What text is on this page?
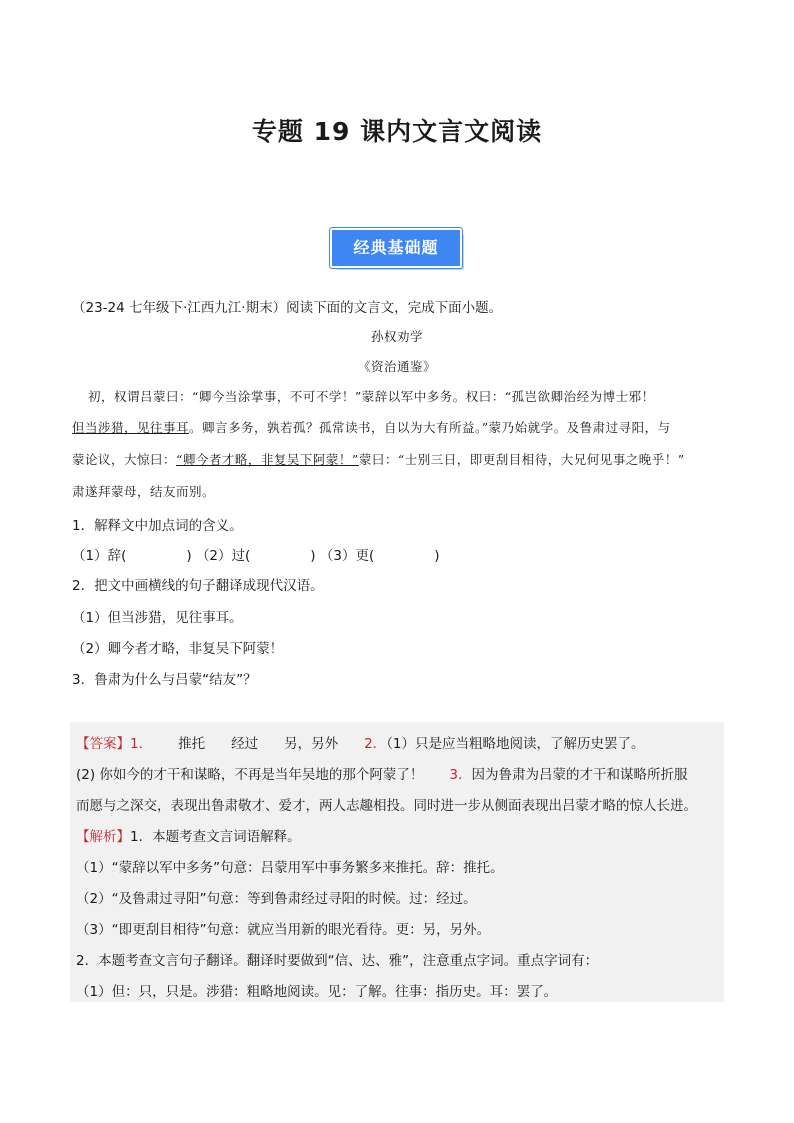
专题 19 课内文言文阅读
经典基础题
（23-24 七年级下·江西九江·期末）阅读下面的文言文，完成下面小题。
孙权劝学
《资治通鉴》
初，权谓吕蒙曰：“卿今当涂掌事，不可不学！”蒙辞以军中多务。权曰：“孤岂欲卿治经为博士邪！
但当涉猎，见往事耳。卿言多务，孰若孤？孤常读书，自以为大有所益。”蒙乃始就学。及鲁肃过寻阳，与
蒙论议，大惊曰：“卿今者才略，非复吴下阿蒙！”蒙曰：“士别三日，即更刮目相待，大兄何见事之晚乎！”
肃遂拜蒙母，结友而别。
1．解释文中加点词的含义。
（1）辞(	) （2）过(	) （3）更(	)
2．把文中画横线的句子翻译成现代汉语。
（1）但当涉猎，见往事耳。
（2）卿今者才略，非复吴下阿蒙！
3．鲁肃为什么与吕蒙“结友”？
【答案】1． 推托 经过 另，另外 2．（1）只是应当粗略地阅读，了解历史罢了。
(2) 你如今的才干和谋略，不再是当年吴地的那个阿蒙了！ 3．因为鲁肃为吕蒙的才干和谋略所折服
而愿与之深交，表现出鲁肃敬才、爱才，两人志趣相投。同时进一步从侧面表现出吕蒙才略的惊人长进。
【解析】1．本题考查文言词语解释。
（1）“蒙辞以军中多务”句意：吕蒙用军中事务繁多来推托。辞：推托。
（2）“及鲁肃过寻阳”句意：等到鲁肃经过寻阳的时候。过：经过。
（3）“即更刮目相待”句意：就应当用新的眼光看待。更：另，另外。
2．本题考查文言句子翻译。翻译时要做到“信、达、雅”，注意重点字词。重点字词有：
（1）但：只，只是。涉猎：粗略地阅读。见：了解。往事：指历史。耳：罢了。
